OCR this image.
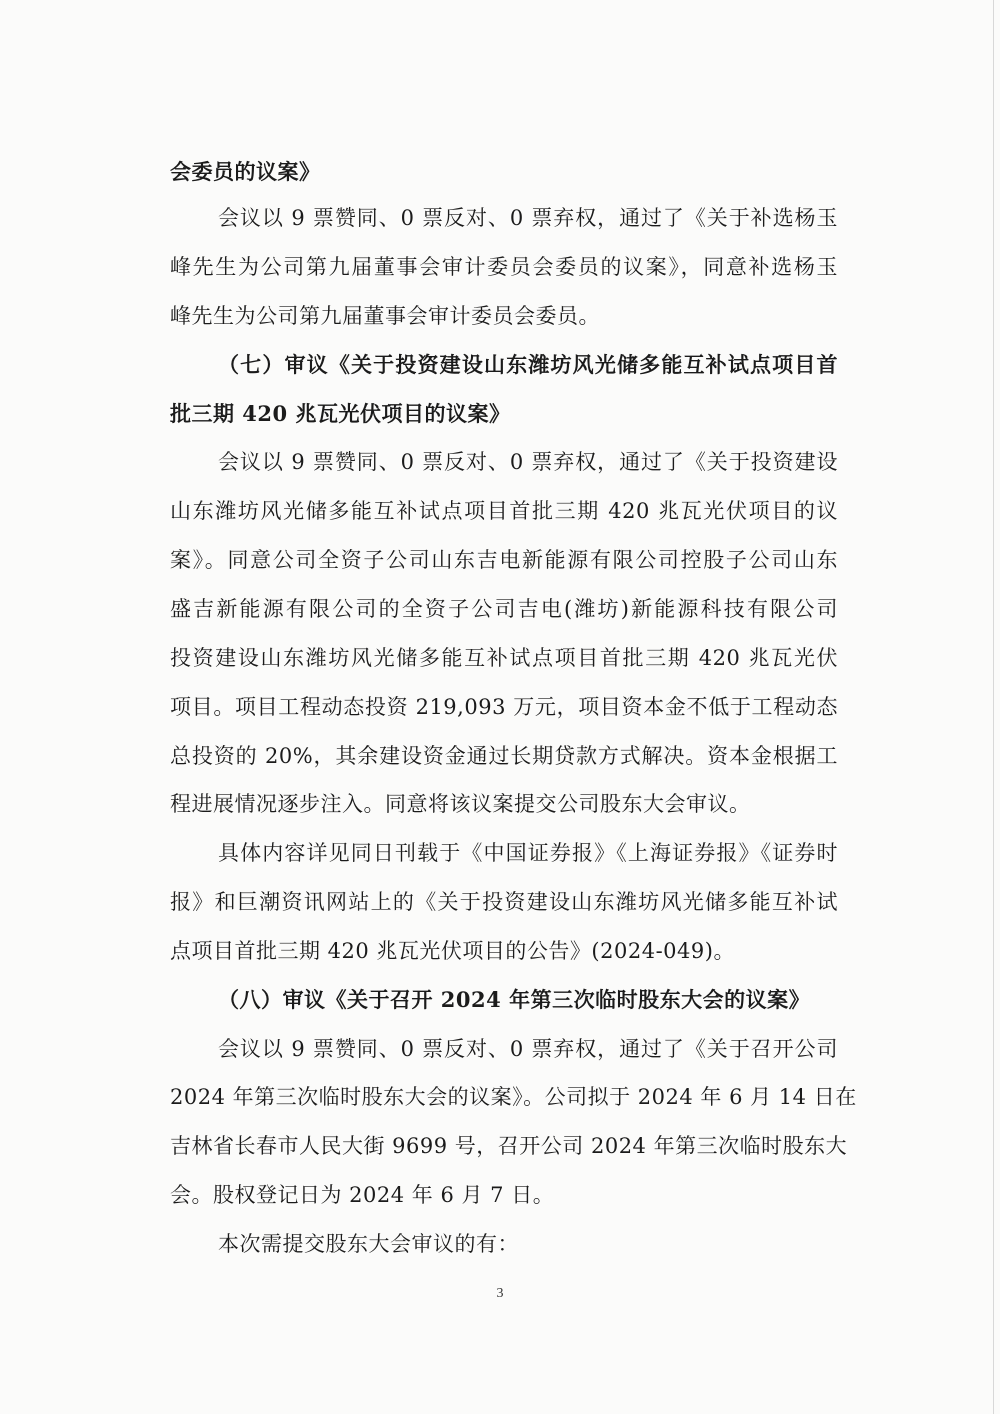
会委员的议案》
会议以 9 票赞同、0 票反对、0 票弃权，通过了《关于补选杨玉
峰先生为公司第九届董事会审计委员会委员的议案》，同意补选杨玉
峰先生为公司第九届董事会审计委员会委员。
（七）审议《关于投资建设山东潍坊风光储多能互补试点项目首
批三期 420 兆瓦光伏项目的议案》
会议以 9 票赞同、0 票反对、0 票弃权，通过了《关于投资建设
山东潍坊风光储多能互补试点项目首批三期 420 兆瓦光伏项目的议
案》。同意公司全资子公司山东吉电新能源有限公司控股子公司山东
盛吉新能源有限公司的全资子公司吉电(潍坊)新能源科技有限公司
投资建设山东潍坊风光储多能互补试点项目首批三期 420 兆瓦光伏
项目。项目工程动态投资 219,093 万元，项目资本金不低于工程动态
总投资的 20%，其余建设资金通过长期贷款方式解决。资本金根据工
程进展情况逐步注入。同意将该议案提交公司股东大会审议。
具体内容详见同日刊载于《中国证券报》《上海证券报》《证券时
报》和巨潮资讯网站上的《关于投资建设山东潍坊风光储多能互补试
点项目首批三期 420 兆瓦光伏项目的公告》(2024-049)。
（八）审议《关于召开 2024 年第三次临时股东大会的议案》
会议以 9 票赞同、0 票反对、0 票弃权，通过了《关于召开公司
2024 年第三次临时股东大会的议案》。公司拟于 2024 年 6 月 14 日在
吉林省长春市人民大街 9699 号，召开公司 2024 年第三次临时股东大
会。股权登记日为 2024 年 6 月 7 日。
本次需提交股东大会审议的有：
3
